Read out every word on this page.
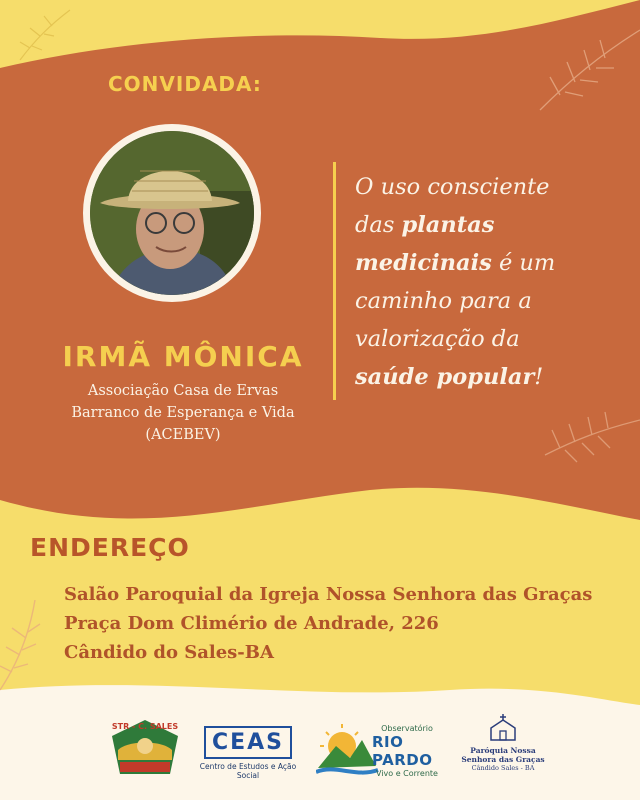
CONVIDADA:
IRMÃ MÔNICA
Associação Casa de Ervas
Barranco de Esperança e Vida
(ACEBEV)
O uso consciente
das plantas
medicinais é um
caminho para a
valorização da
saúde popular!
ENDEREÇO
Salão Paroquial da Igreja Nossa Senhora das Graças
Praça Dom Climério de Andrade, 226
Cândido do Sales-BA
STR - C. SALES
CEAS
Centro de Estudos e Ação Social
Observatório
RIO PARDO
Vivo e Corrente
Paróquia Nossa
Senhora das Graças
Cândido Sales - BA
